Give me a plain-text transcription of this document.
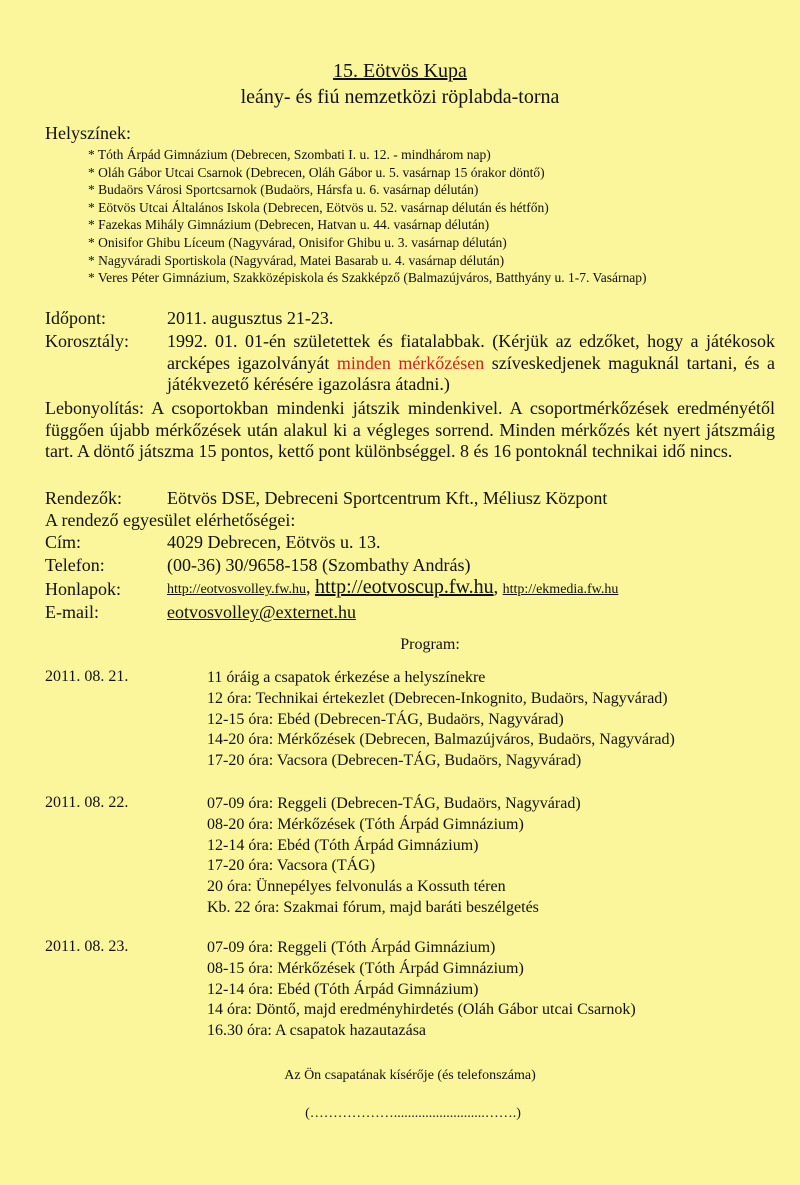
15. Eötvös Kupa
leány- és fiú nemzetközi röplabda-torna
Helyszínek:
* Tóth Árpád Gimnázium (Debrecen, Szombati I. u. 12. - mindhárom nap)
* Oláh Gábor Utcai Csarnok (Debrecen, Oláh Gábor u. 5. vasárnap 15 órakor döntő)
* Budaörs Városi Sportcsarnok (Budaörs, Hársfa u. 6. vasárnap délután)
* Eötvös Utcai Általános Iskola (Debrecen, Eötvös u. 52. vasárnap délután és hétfőn)
* Fazekas Mihály Gimnázium (Debrecen, Hatvan u. 44. vasárnap délután)
* Onisifor Ghibu Líceum (Nagyvárad, Onisifor Ghibu u. 3. vasárnap délután)
* Nagyváradi Sportiskola (Nagyvárad, Matei Basarab u. 4. vasárnap délután)
* Veres Péter Gimnázium, Szakközépiskola és Szakképző (Balmazújváros, Batthyány u. 1-7. Vasárnap)
Időpont:	2011. augusztus 21-23.
Korosztály: 1992. 01. 01-én születettek és fiatalabbak. (Kérjük az edzőket, hogy a játékosok arcképes igazolványát minden mérkőzésen szíveskedjenek maguknál tartani, és a játékvezető kérésére igazolásra átadni.)
Lebonyolítás: A csoportokban mindenki játszik mindenkivel. A csoportmérkőzések eredményétől függően újabb mérkőzések után alakul ki a végleges sorrend. Minden mérkőzés két nyert játszmáig tart. A döntő játszma 15 pontos, kettő pont különbséggel. 8 és 16 pontoknál technikai idő nincs.
Rendezők:	Eötvös DSE, Debreceni Sportcentrum Kft., Méliusz Központ
A rendező egyesület elérhetőségei:
Cím:	4029 Debrecen, Eötvös u. 13.
Telefon:	(00-36) 30/9658-158 (Szombathy András)
Honlapok:	http://eotvosvolley.fw.hu, http://eotvoscup.fw.hu, http://ekmedia.fw.hu
E-mail:	eotvosvolley@externet.hu
Program:
2011. 08. 21.	11 óráig a csapatok érkezése a helyszínekre
12 óra: Technikai értekezlet (Debrecen-Inkognito, Budaörs, Nagyvárad)
12-15 óra: Ebéd (Debrecen-TÁG, Budaörs, Nagyvárad)
14-20 óra: Mérkőzések (Debrecen, Balmazújváros, Budaörs, Nagyvárad)
17-20 óra: Vacsora (Debrecen-TÁG, Budaörs, Nagyvárad)
2011. 08. 22.	07-09 óra: Reggeli (Debrecen-TÁG, Budaörs, Nagyvárad)
08-20 óra: Mérkőzések (Tóth Árpád Gimnázium)
12-14 óra: Ebéd (Tóth Árpád Gimnázium)
17-20 óra: Vacsora (TÁG)
20 óra: Ünnepélyes felvonulás a Kossuth téren
Kb. 22 óra: Szakmai fórum, majd baráti beszélgetés
2011. 08. 23.	07-09 óra: Reggeli (Tóth Árpád Gimnázium)
08-15 óra: Mérkőzések (Tóth Árpád Gimnázium)
12-14 óra: Ebéd (Tóth Árpád Gimnázium)
14 óra: Döntő, majd eredményhirdetés (Oláh Gábor utcai Csarnok)
16.30 óra: A csapatok hazautazása
Az Ön csapatának kísérője (és telefonszáma)
(………………..........................…….)
